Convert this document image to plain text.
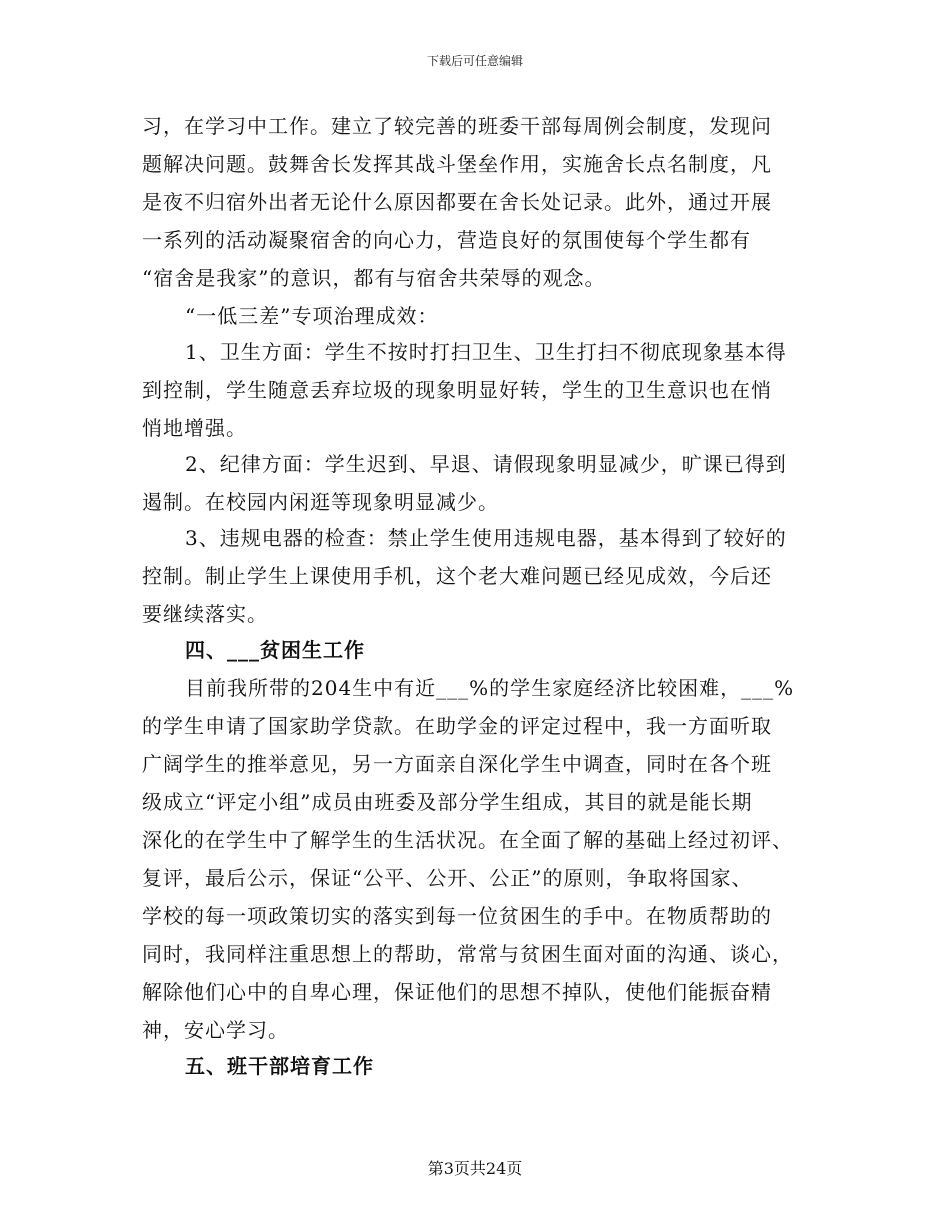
下载后可任意编辑
习，在学习中工作。建立了较完善的班委干部每周例会制度，发现问
题解决问题。鼓舞舍长发挥其战斗堡垒作用，实施舍长点名制度，凡
是夜不归宿外出者无论什么原因都要在舍长处记录。此外，通过开展
一系列的活动凝聚宿舍的向心力，营造良好的氛围使每个学生都有
“宿舍是我家”的意识，都有与宿舍共荣辱的观念。
“一低三差”专项治理成效：
1、卫生方面：学生不按时打扫卫生、卫生打扫不彻底现象基本得
到控制，学生随意丢弃垃圾的现象明显好转，学生的卫生意识也在悄
悄地增强。
2、纪律方面：学生迟到、早退、请假现象明显减少，旷课已得到
遏制。在校园内闲逛等现象明显减少。
3、违规电器的检查：禁止学生使用违规电器，基本得到了较好的
控制。制止学生上课使用手机，这个老大难问题已经见成效，今后还
要继续落实。
四、___贫困生工作
目前我所带的204生中有近___%的学生家庭经济比较困难，___%
的学生申请了国家助学贷款。在助学金的评定过程中，我一方面听取
广阔学生的推举意见，另一方面亲自深化学生中调查，同时在各个班
级成立“评定小组”成员由班委及部分学生组成，其目的就是能长期
深化的在学生中了解学生的生活状况。在全面了解的基础上经过初评、
复评，最后公示，保证“公平、公开、公正”的原则，争取将国家、
学校的每一项政策切实的落实到每一位贫困生的手中。在物质帮助的
同时，我同样注重思想上的帮助，常常与贫困生面对面的沟通、谈心，
解除他们心中的自卑心理，保证他们的思想不掉队，使他们能振奋精
神，安心学习。
五、班干部培育工作
第3页共24页
